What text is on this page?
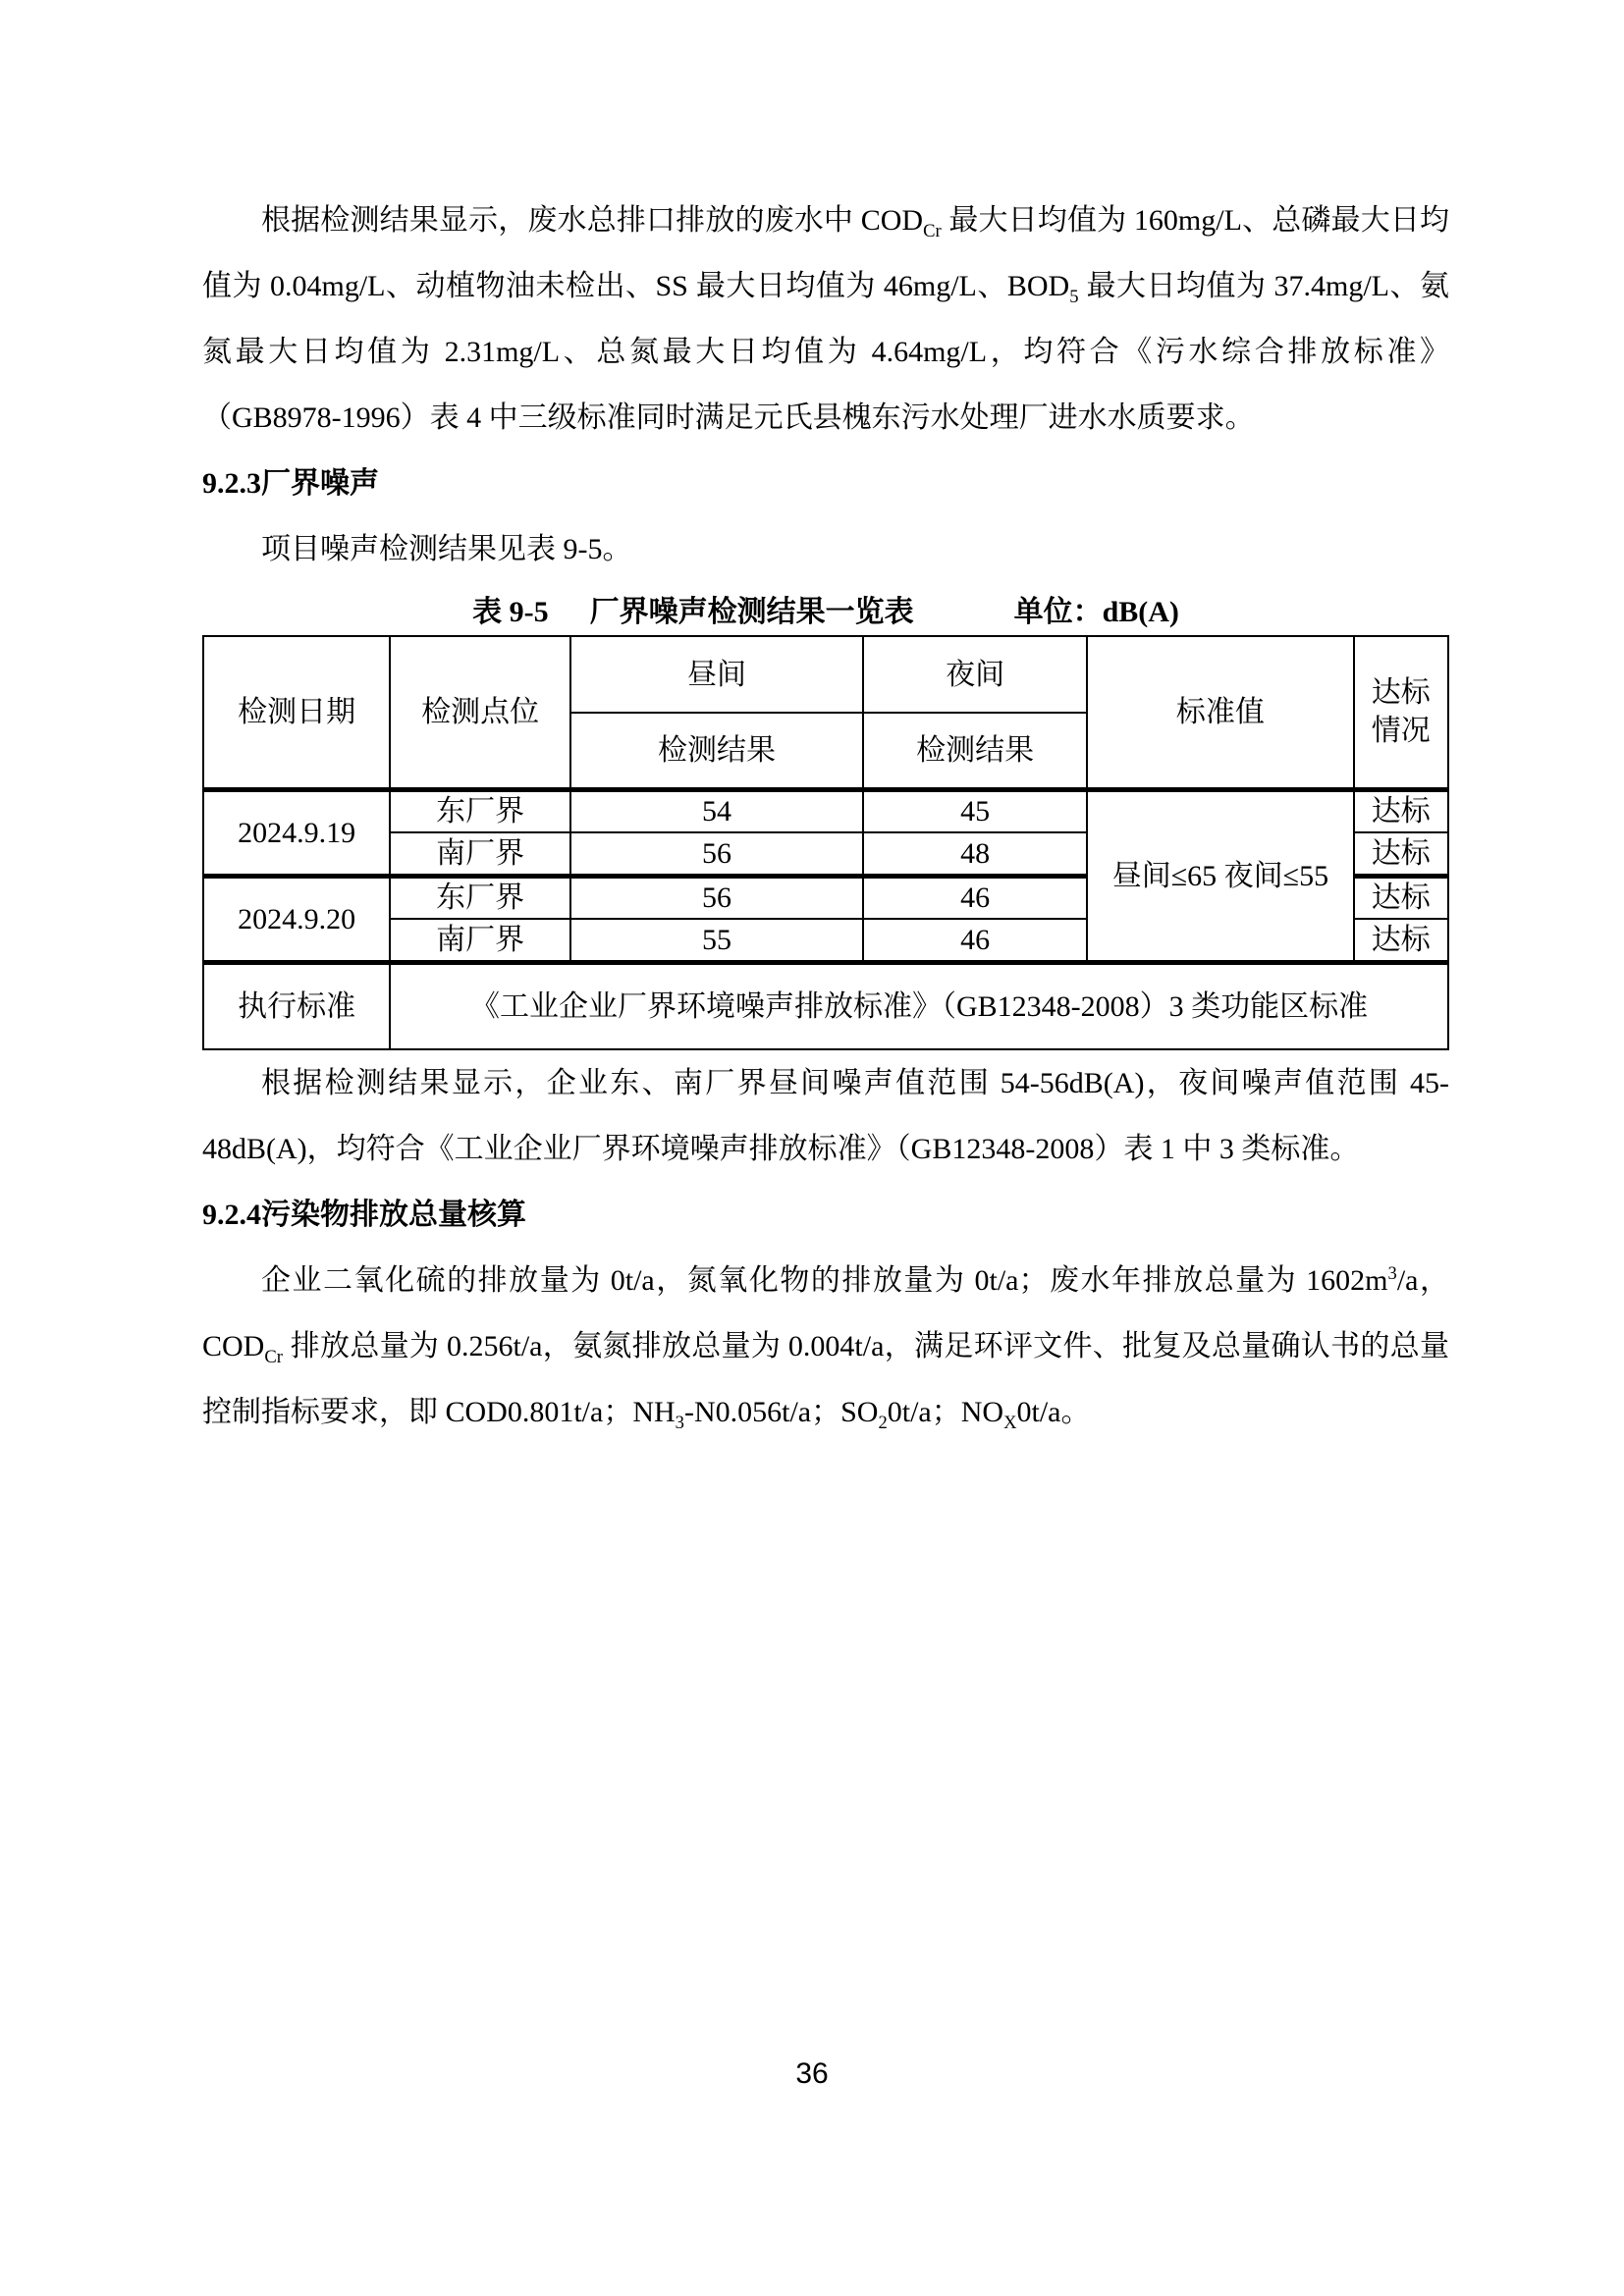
根据检测结果显示，废水总排口排放的废水中 $COD_{Cr}$ 最大日均值为 160mg/L、总磷最大日均值为 0.04mg/L、动植物油未检出、SS 最大日均值为 46mg/L、$BOD_5$ 最大日均值为 37.4mg/L、氨氮最大日均值为 2.31mg/L、总氮最大日均值为 4.64mg/L，均符合《污水综合排放标准》（GB8978-1996）表 4 中三级标准同时满足元氏县槐东污水处理厂进水水质要求。

9.2.3厂界噪声

项目噪声检测结果见表 9-5。

表 9-5 厂界噪声检测结果一览表	单位：dB(A)
检测日期	检测点位	昼间	夜间	标准值	达标情况
		检测结果	检测结果		
2024.9.19	东厂界	54	45	昼间≤65 夜间≤55	达标
	南厂界	56	48		达标
2024.9.20	东厂界	56	46		达标
	南厂界	55	46		达标
执行标准	《工业企业厂界环境噪声排放标准》（GB12348-2008）3 类功能区标准				

根据检测结果显示，企业东、南厂界昼间噪声值范围 54-56dB(A)，夜间噪声值范围 45-48dB(A)，均符合《工业企业厂界环境噪声排放标准》（GB12348-2008）表 1 中 3 类标准。

9.2.4污染物排放总量核算

企业二氧化硫的排放量为 0t/a，氮氧化物的排放量为 0t/a；废水年排放总量为 $1602m^3/a$，$COD_{Cr}$ 排放总量为 0.256t/a，氨氮排放总量为 0.004t/a，满足环评文件、批复及总量确认书的总量控制指标要求，即 COD0.801t/a；$NH_3-N0.056t/a$；$SO_20t/a$；$NO_X0t/a$。

36
